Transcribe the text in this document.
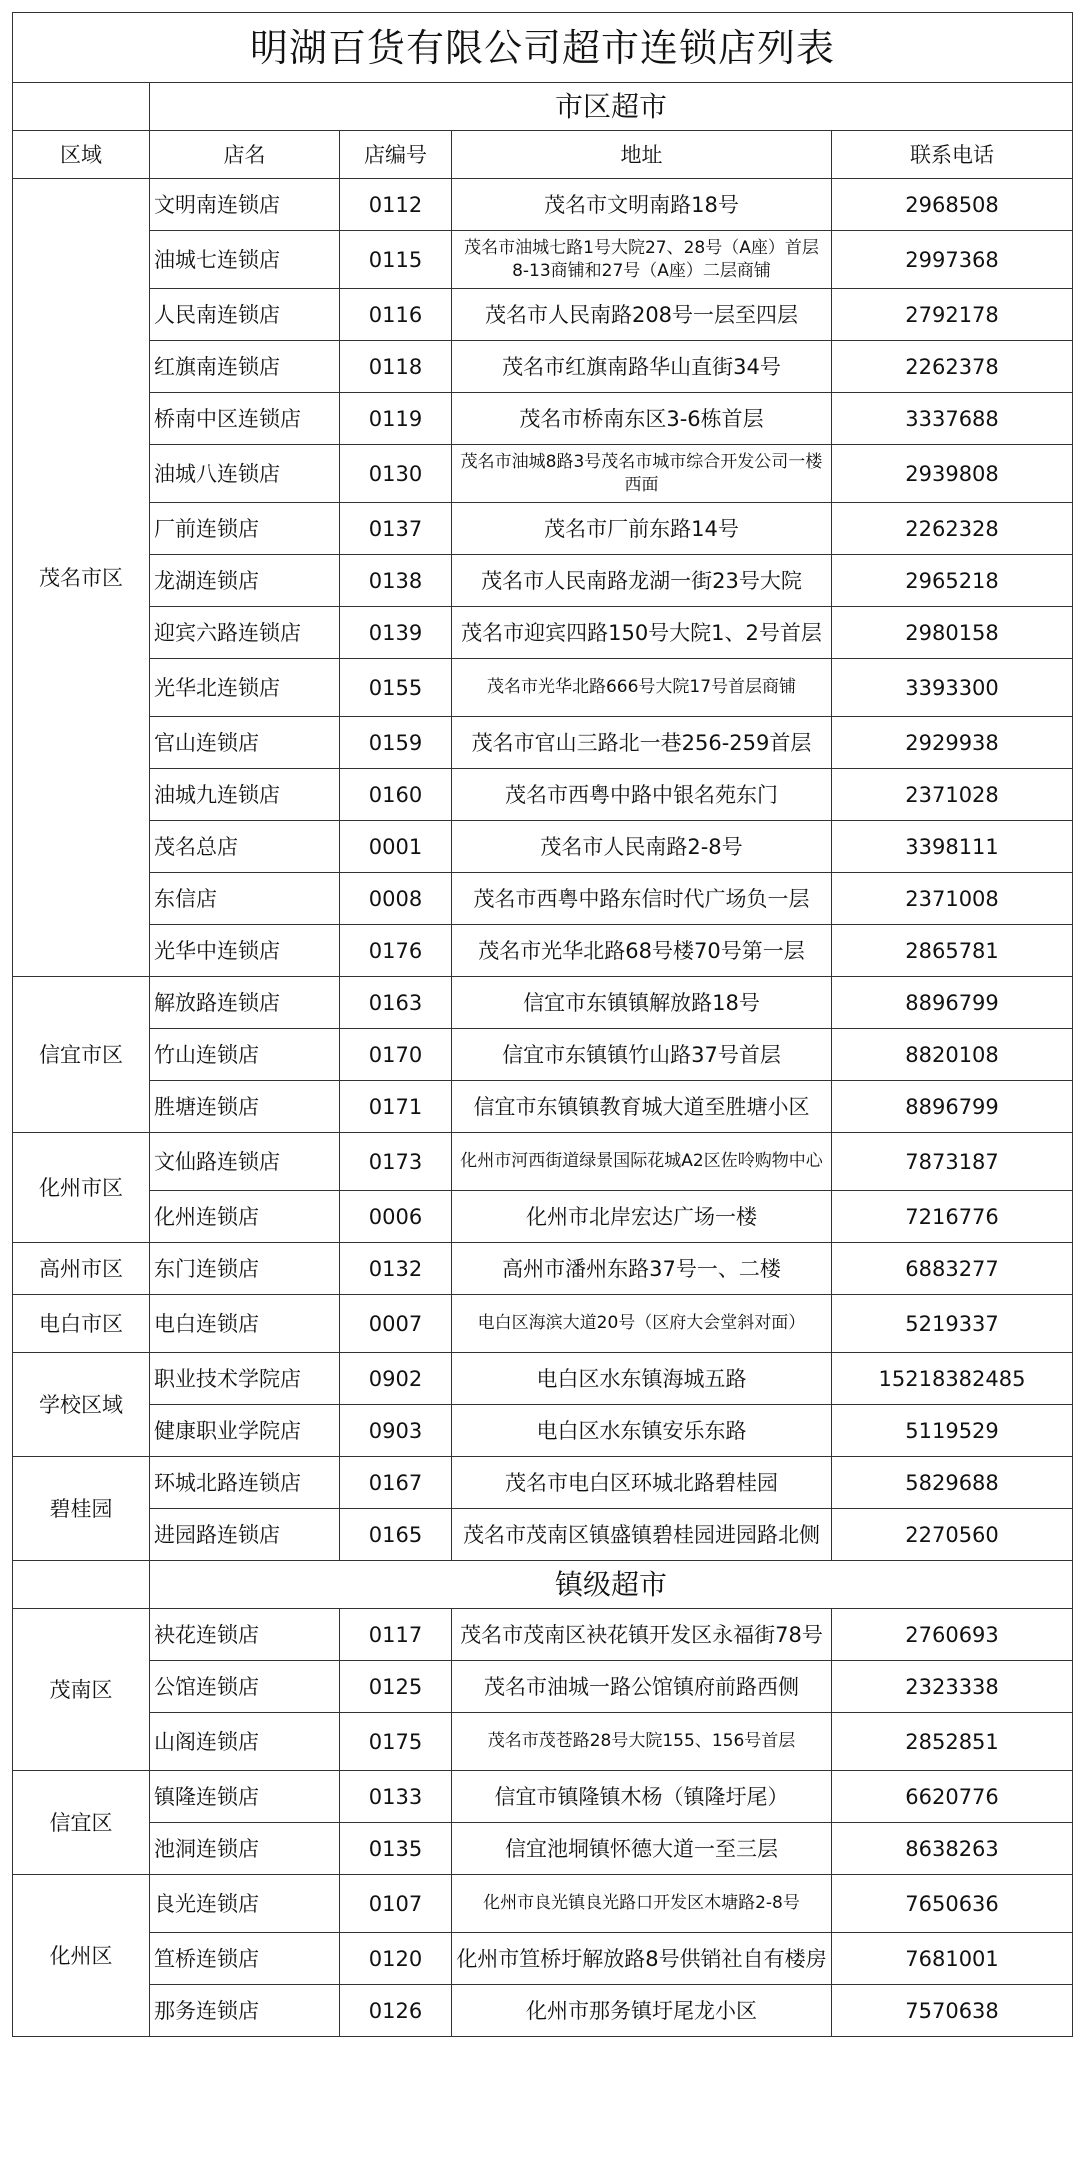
明湖百货有限公司超市连锁店列表				
	市区超市			
区域	店名	店编号	地址	联系电话
茂名市区	文明南连锁店	0112	茂名市文明南路18号	2968508
	油城七连锁店	0115	茂名市油城七路1号大院27、28号（A座）首层8-13商铺和27号（A座）二层商铺	2997368
	人民南连锁店	0116	茂名市人民南路208号一层至四层	2792178
	红旗南连锁店	0118	茂名市红旗南路华山直街34号	2262378
	桥南中区连锁店	0119	茂名市桥南东区3-6栋首层	3337688
	油城八连锁店	0130	茂名市油城8路3号茂名市城市综合开发公司一楼西面	2939808
	厂前连锁店	0137	茂名市厂前东路14号	2262328
	龙湖连锁店	0138	茂名市人民南路龙湖一街23号大院	2965218
	迎宾六路连锁店	0139	茂名市迎宾四路150号大院1、2号首层	2980158
	光华北连锁店	0155	茂名市光华北路666号大院17号首层商铺	3393300
	官山连锁店	0159	茂名市官山三路北一巷256-259首层	2929938
	油城九连锁店	0160	茂名市西粤中路中银名苑东门	2371028
	茂名总店	0001	茂名市人民南路2-8号	3398111
	东信店	0008	茂名市西粤中路东信时代广场负一层	2371008
	光华中连锁店	0176	茂名市光华北路68号楼70号第一层	2865781
信宜市区	解放路连锁店	0163	信宜市东镇镇解放路18号	8896799
	竹山连锁店	0170	信宜市东镇镇竹山路37号首层	8820108
	胜塘连锁店	0171	信宜市东镇镇教育城大道至胜塘小区	8896799
化州市区	文仙路连锁店	0173	化州市河西街道绿景国际花城A2区佐呤购物中心	7873187
	化州连锁店	0006	化州市北岸宏达广场一楼	7216776
高州市区	东门连锁店	0132	高州市潘州东路37号一、二楼	6883277
电白市区	电白连锁店	0007	电白区海滨大道20号（区府大会堂斜对面）	5219337
学校区域	职业技术学院店	0902	电白区水东镇海城五路	15218382485
	健康职业学院店	0903	电白区水东镇安乐东路	5119529
碧桂园	环城北路连锁店	0167	茂名市电白区环城北路碧桂园	5829688
	进园路连锁店	0165	茂名市茂南区镇盛镇碧桂园进园路北侧	2270560
	镇级超市			
茂南区	袂花连锁店	0117	茂名市茂南区袂花镇开发区永福街78号	2760693
	公馆连锁店	0125	茂名市油城一路公馆镇府前路西侧	2323338
	山阁连锁店	0175	茂名市茂苍路28号大院155、156号首层	2852851
信宜区	镇隆连锁店	0133	信宜市镇隆镇木杨（镇隆圩尾）	6620776
	池洞连锁店	0135	信宜池垌镇怀德大道一至三层	8638263
化州区	良光连锁店	0107	化州市良光镇良光路口开发区木塘路2-8号	7650636
	笪桥连锁店	0120	化州市笪桥圩解放路8号供销社自有楼房	7681001
	那务连锁店	0126	化州市那务镇圩尾龙小区	7570638
